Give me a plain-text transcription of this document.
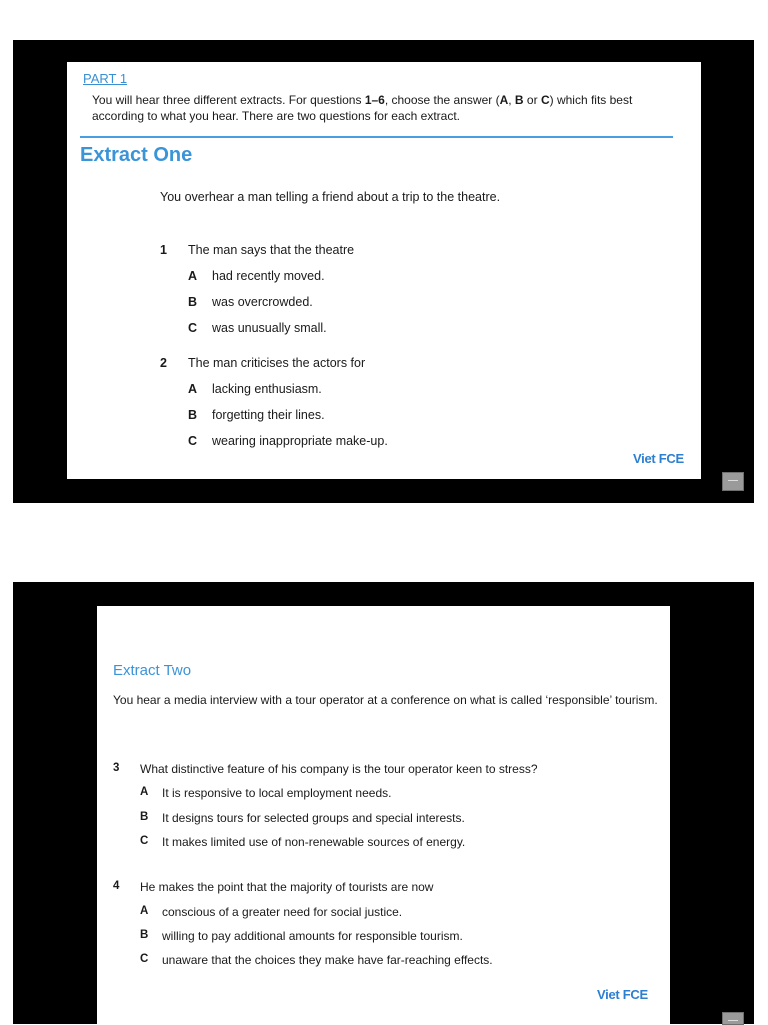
PART 1
You will hear three different extracts. For questions 1–6, choose the answer (A, B or C) which fits best according to what you hear. There are two questions for each extract.
Extract One
You overhear a man telling a friend about a trip to the theatre.
1 The man says that the theatre
A had recently moved.
B was overcrowded.
C was unusually small.
2 The man criticises the actors for
A lacking enthusiasm.
B forgetting their lines.
C wearing inappropriate make-up.
Viet FCE
Extract Two
You hear a media interview with a tour operator at a conference on what is called ‘responsible’ tourism.
3 What distinctive feature of his company is the tour operator keen to stress?
A It is responsive to local employment needs.
B It designs tours for selected groups and special interests.
C It makes limited use of non-renewable sources of energy.
4 He makes the point that the majority of tourists are now
A conscious of a greater need for social justice.
B willing to pay additional amounts for responsible tourism.
C unaware that the choices they make have far-reaching effects.
Viet FCE
